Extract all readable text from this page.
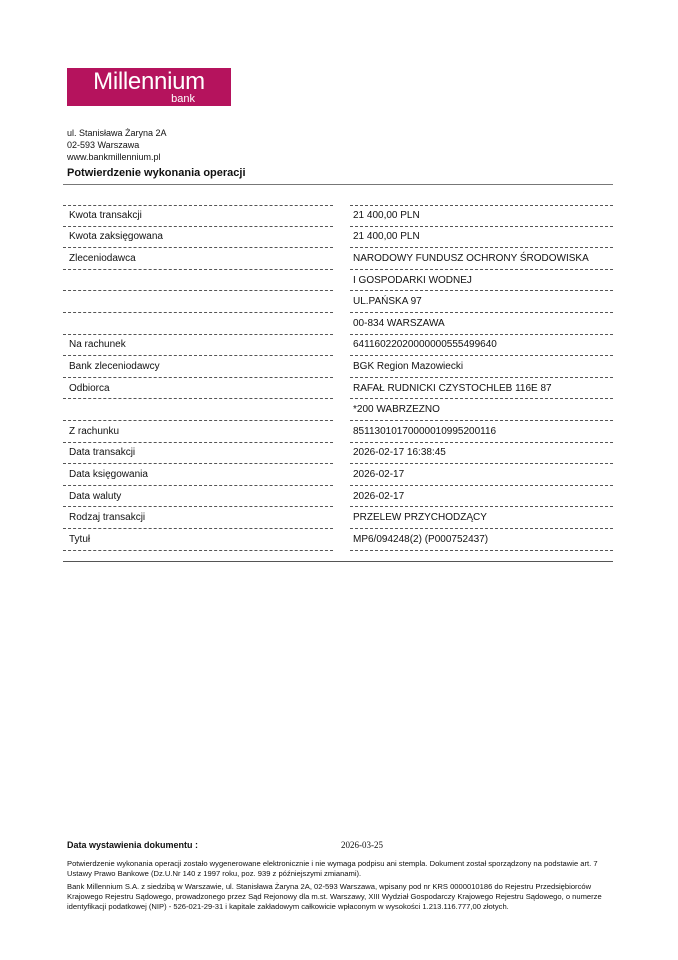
Millennium
bank
ul. Stanisława Żaryna 2A
02-593 Warszawa
www.bankmillennium.pl
Potwierdzenie wykonania operacji
Kwota transakcji	21 400,00 PLN
Kwota zaksięgowana	21 400,00 PLN
Zleceniodawca	NARODOWY FUNDUSZ OCHRONY ŚRODOWISKA
I GOSPODARKI WODNEJ
UL.PAŃSKA 97
00-834 WARSZAWA
Na rachunek	64116022020000000555499640
Bank zleceniodawcy	BGK Region Mazowiecki
Odbiorca	RAFAŁ RUDNICKI CZYSTOCHLEB 116E 87
*200 WABRZEZNO
Z rachunku	85113010170000010995200116
Data transakcji	2026-02-17 16:38:45
Data księgowania	2026-02-17
Data waluty	2026-02-17
Rodzaj transakcji	PRZELEW PRZYCHODZĄCY
Tytuł	MP6/094248(2) (P000752437)
Data wystawienia dokumentu :	2026-03-25
Potwierdzenie wykonania operacji zostało wygenerowane elektronicznie i nie wymaga podpisu ani stempla. Dokument został sporządzony na podstawie art. 7 Ustawy Prawo Bankowe (Dz.U.Nr 140 z 1997 roku, poz. 939 z późniejszymi zmianami).
Bank Millennium S.A. z siedzibą w Warszawie, ul. Stanisława Żaryna 2A, 02-593 Warszawa, wpisany pod nr KRS 0000010186 do Rejestru Przedsiębiorców Krajowego Rejestru Sądowego, prowadzonego przez Sąd Rejonowy dla m.st. Warszawy, XIII Wydział Gospodarczy Krajowego Rejestru Sądowego, o numerze identyfikacji podatkowej (NIP) - 526-021-29-31 i kapitale zakładowym całkowicie wpłaconym w wysokości 1.213.116.777,00 złotych.
